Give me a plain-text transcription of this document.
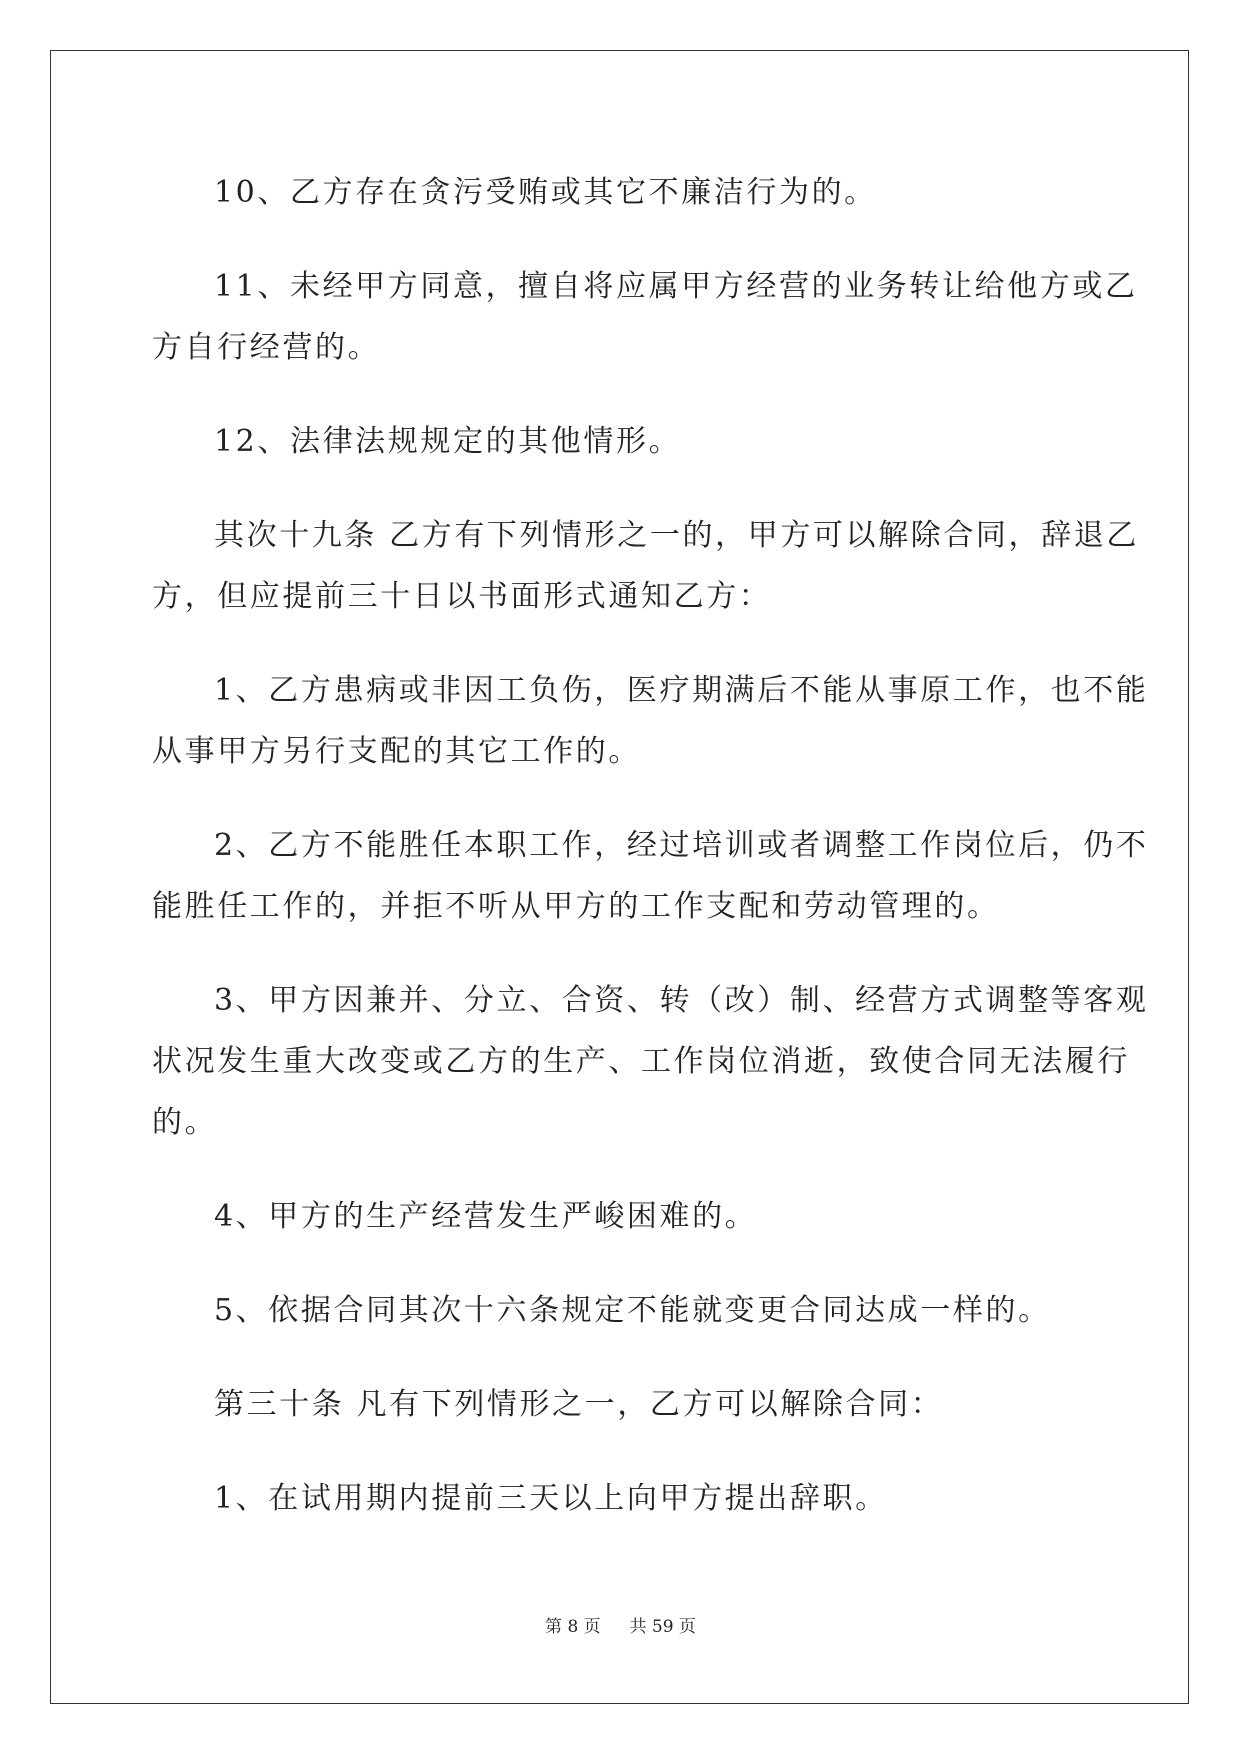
10、乙方存在贪污受贿或其它不廉洁行为的。

11、未经甲方同意，擅自将应属甲方经营的业务转让给他方或乙
方自行经营的。

12、法律法规规定的其他情形。

其次十九条 乙方有下列情形之一的，甲方可以解除合同，辞退乙
方，但应提前三十日以书面形式通知乙方：

1、乙方患病或非因工负伤，医疗期满后不能从事原工作，也不能
从事甲方另行支配的其它工作的。

2、乙方不能胜任本职工作，经过培训或者调整工作岗位后，仍不
能胜任工作的，并拒不听从甲方的工作支配和劳动管理的。

3、甲方因兼并、分立、合资、转（改）制、经营方式调整等客观
状况发生重大改变或乙方的生产、工作岗位消逝，致使合同无法履行
的。

4、甲方的生产经营发生严峻困难的。

5、依据合同其次十六条规定不能就变更合同达成一样的。

第三十条 凡有下列情形之一，乙方可以解除合同：

1、在试用期内提前三天以上向甲方提出辞职。

第 8 页 共 59 页
